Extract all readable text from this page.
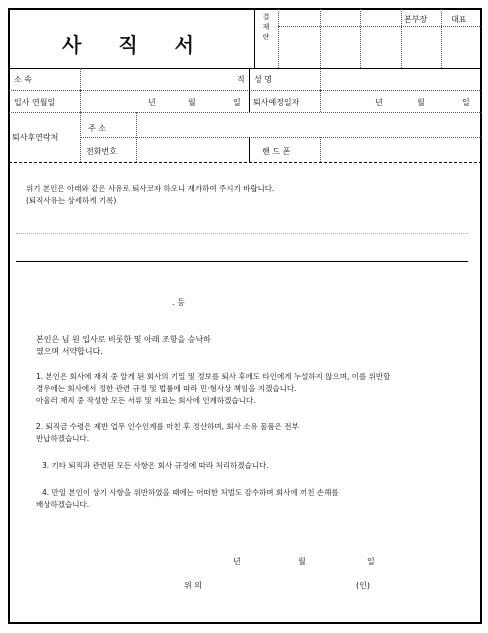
사 직 서
결
재
란
본부장	대표
소 속	직 성 명
입사 연월일	년	월	일 퇴사예정일자	년	월	일
퇴사후연락처
주 소
전화번호	핸 드 폰
위기 본인은 아래와 같은 사유로 퇴사코자 하오니 재가하여 주시기 바랍니다.
(퇴직사유는 상세하게 기록)
. 등
본인은 님 원 입사로 비롯한 및 아래 조항을 승낙하
였으며 서약합니다.
1. 본인은 회사에 재직 중 알게 된 회사의 기밀 및 정보를 퇴사 후에도 타인에게 누설하지 않으며, 이를 위반할
경우에는 회사에서 정한 관련 규정 및 법률에 따라 민·형사상 책임을 지겠습니다.
아울러 재직 중 작성한 모든 서류 및 자료는 회사에 인계하겠습니다.
2. 퇴직금 수령은 제반 업무 인수인계를 마친 후 정산하며, 회사 소유 물품은 전부
반납하겠습니다.
3. 기타 퇴직과 관련된 모든 사항은 회사 규정에 따라 처리하겠습니다.
4. 만일 본인이 상기 사항을 위반하였을 때에는 어떠한 처벌도 감수하며 회사에 끼친 손해를
배상하겠습니다.
년	월	일
위 의	(인)
